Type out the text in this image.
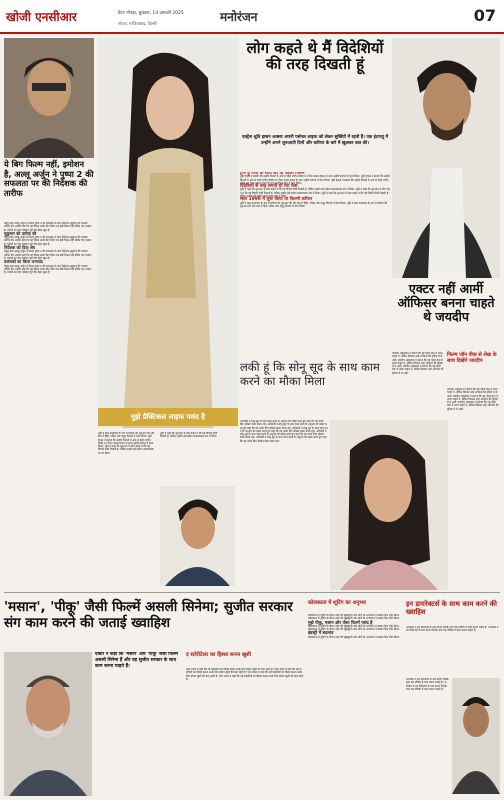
खोजी एनसीआर	ग्रेटर नोएडा, बुधवार, 14 जनवरी 2025
नोएडा, गाज़ियाबाद, दिल्ली	मनोरंजन	07
ये बिग फिल्म नहीं, इमोशन है, अल्लू अर्जुन ने पुष्पा 2 की सफलता पर की निर्देशक की तारीफ
तेलुगु स्टार अल्लू अर्जुन ने फिल्म पुष्पा 2 की सफलता के बाद निर्देशक सुकुमार की जमकर तारीफ की। उन्होंने कहा कि यह फिल्म उनके लिए सिर्फ एक बड़ी फिल्म नहीं बल्कि एक भावना है। दर्शकों का प्यार देखकर पूरी टीम बेहद खुश है।
सुकुमार की तारीफ की
तेलुगु स्टार अल्लू अर्जुन ने फिल्म पुष्पा 2 की सफलता के बाद निर्देशक सुकुमार की जमकर तारीफ की। उन्होंने कहा कि यह फिल्म उनके लिए सिर्फ एक बड़ी फिल्म नहीं बल्कि एक भावना है। दर्शकों का प्यार देखकर पूरी टीम बेहद खुश है।
निर्देशक को दिया श्रेय
तेलुगु स्टार अल्लू अर्जुन ने फिल्म पुष्पा 2 की सफलता के बाद निर्देशक सुकुमार की जमकर तारीफ की। उन्होंने कहा कि यह फिल्म उनके लिए सिर्फ एक बड़ी फिल्म नहीं बल्कि एक भावना है। दर्शकों का प्यार देखकर पूरी टीम बेहद खुश है।
प्रशंसकों का किया धन्यवाद
तेलुगु स्टार अल्लू अर्जुन ने फिल्म पुष्पा 2 की सफलता के बाद निर्देशक सुकुमार की जमकर तारीफ की। उन्होंने कहा कि यह फिल्म उनके लिए सिर्फ एक बड़ी फिल्म नहीं बल्कि एक भावना है। दर्शकों का प्यार देखकर पूरी टीम बेहद खुश है।
मुझे प्रैक्टिकल लाइफ पसंद है
लोग कहते थे मैं विदेशियों की तरह दिखती हूं
एक्ट्रेस श्रुति हासन अक्सर अपनी पर्सनल लाइफ को लेकर सुर्खियों में रहती हैं। एक इंटरव्यू में उन्होंने अपने शुरुआती दिनों और करियर के बारे में खुलकर बात की।
ट्रेनी हूं पापा के साथ की थी पहली फिल्म
श्रुति हासन ने बताया कि उन्होंने फिल्मों में आने से पहले संगीत सीखा था। पिता कमल हासन के साथ उन्होंने बचपन में काम किया। श्रुति हासन ने बताया कि उन्होंने फिल्मों में आने से पहले संगीत सीखा था। पिता कमल हासन के साथ उन्होंने बचपन में काम किया। श्रुति हासन ने बताया कि उन्होंने फिल्मों में आने से पहले संगीत सीखा था। पिता कमल हासन के साथ उन्होंने बचपन में काम किया।
विदेशियों से तरह लगती थी मेरा फेस
श्रुति ने कहा कि शुरुआत में लोग कहते थे कि वह विदेशी जैसी दिखती हैं, लेकिन उन्होंने इसे हमेशा सकारात्मक रूप में लिया। श्रुति ने कहा कि शुरुआत में लोग कहते थे कि वह विदेशी जैसी दिखती हैं, लेकिन उन्होंने इसे हमेशा सकारात्मक रूप में लिया। श्रुति ने कहा कि शुरुआत में लोग कहते थे कि वह विदेशी जैसी दिखती हैं, लेकिन उन्होंने इसे हमेशा सकारात्मक रूप में लिया।
साल 1999 में शुरू किया था फिल्मी करियर
श्रुति ने बाल कलाकार के रूप में करियर की शुरुआत की और बाद में हिंदी, तमिल और तेलुगु फिल्मों में काम किया। श्रुति ने बाल कलाकार के रूप में करियर की शुरुआत की और बाद में हिंदी, तमिल और तेलुगु फिल्मों में काम किया।
एक्टर नहीं आर्मी ऑफिसर बनना चाहते थे जयदीप
जयदीप अहलावत ने बताया कि वह पहले सेना में जाना चाहते थे, लेकिन किस्मत उन्हें अभिनय की दुनिया में ले आई। जयदीप अहलावत ने बताया कि वह पहले सेना में जाना चाहते थे, लेकिन किस्मत उन्हें अभिनय की दुनिया में ले आई। जयदीप अहलावत ने बताया कि वह पहले सेना में जाना चाहते थे, लेकिन किस्मत उन्हें अभिनय की दुनिया में ले आई।
फिल्म जॉन वीक से शेख के साथ दिखेंगे जयदीप
जयदीप अहलावत ने बताया कि वह पहले सेना में जाना चाहते थे, लेकिन किस्मत उन्हें अभिनय की दुनिया में ले आई। जयदीप अहलावत ने बताया कि वह पहले सेना में जाना चाहते थे, लेकिन किस्मत उन्हें अभिनय की दुनिया में ले आई। जयदीप अहलावत ने बताया कि वह पहले सेना में जाना चाहते थे, लेकिन किस्मत उन्हें अभिनय की दुनिया में ले आई।
श्रुति ने बाल कलाकार के रूप में करियर की शुरुआत की और बाद में हिंदी, तमिल और तेलुगु फिल्मों में काम किया। श्रुति हासन ने बताया कि उन्होंने फिल्मों में आने से पहले संगीत सीखा था। पिता कमल हासन के साथ उन्होंने बचपन में काम किया। श्रुति ने कहा कि शुरुआत में लोग कहते थे कि वह विदेशी जैसी दिखती हैं, लेकिन उन्होंने इसे हमेशा सकारात्मक रूप में लिया।
श्रुति ने कहा कि शुरुआत में लोग कहते थे कि वह विदेशी जैसी दिखती हैं, लेकिन उन्होंने इसे हमेशा सकारात्मक रूप में लिया।
लकी हूं कि सोनू सूद के साथ काम करने का मौका मिला
अभिनेत्री ने सोनू सूद के साथ काम करने के अनुभव को साझा करते हुए कहा कि यह उनके लिए सीखने वाला समय रहा। अभिनेत्री ने सोनू सूद के साथ काम करने के अनुभव को साझा करते हुए कहा कि यह उनके लिए सीखने वाला समय रहा। अभिनेत्री ने सोनू सूद के साथ काम करने के अनुभव को साझा करते हुए कहा कि यह उनके लिए सीखने वाला समय रहा। अभिनेत्री ने सोनू सूद के साथ काम करने के अनुभव को साझा करते हुए कहा कि यह उनके लिए सीखने वाला समय रहा। अभिनेत्री ने सोनू सूद के साथ काम करने के अनुभव को साझा करते हुए कहा कि यह उनके लिए सीखने वाला समय रहा।
'मसान', 'पीकू' जैसी फिल्में असली सिनेमा; सुजीत सरकार संग काम करने की जताई ख्वाहिश
एक्टर ने कहा कि 'मसान' और 'पीकू' जैसी फिल्में असली सिनेमा हैं और वह सुजीत सरकार के साथ काम करना चाहते हैं।
द स्टोरीटेलर का हिस्सा बनना खुशी
परेश रावल ने कहा कि नई कहानियों का हिस्सा बनना उनके लिए हमेशा खुशी की बात रहती है। परेश रावल ने कहा कि नई कहानियों का हिस्सा बनना उनके लिए हमेशा खुशी की बात रहती है। परेश रावल ने कहा कि नई कहानियों का हिस्सा बनना उनके लिए हमेशा खुशी की बात रहती है। परेश रावल ने कहा कि नई कहानियों का हिस्सा बनना उनके लिए हमेशा खुशी की बात रहती है।
कोलकाता में शूटिंग का अनुभव
कोलकाता में शूटिंग के दौरान शहर की खूबसूरती और लोगों के अपनापन ने सबका दिल जीत लिया। कोलकाता में शूटिंग के दौरान शहर की खूबसूरती और लोगों के अपनापन ने सबका दिल जीत लिया।
मुझे पीकू, मसान और जैसा फिल्में पसंद हैं
कोलकाता में शूटिंग के दौरान शहर की खूबसूरती और लोगों के अपनापन ने सबका दिल जीत लिया। कोलकाता में शूटिंग के दौरान शहर की खूबसूरती और लोगों के अपनापन ने सबका दिल जीत लिया।
इंडस्ट्री में बदलाव
कोलकाता में शूटिंग के दौरान शहर की खूबसूरती और लोगों के अपनापन ने सबका दिल जीत लिया।
इन डायरेक्टर्स के साथ काम करने की ख्वाहिश
अभिनेता ने उन निर्देशकों के नाम बताए जिनके साथ वह भविष्य में काम करना चाहते हैं। अभिनेता ने उन निर्देशकों के नाम बताए जिनके साथ वह भविष्य में काम करना चाहते हैं।
अभिनेता ने उन निर्देशकों के नाम बताए जिनके साथ वह भविष्य में काम करना चाहते हैं। अभिनेता ने उन निर्देशकों के नाम बताए जिनके साथ वह भविष्य में काम करना चाहते हैं।
